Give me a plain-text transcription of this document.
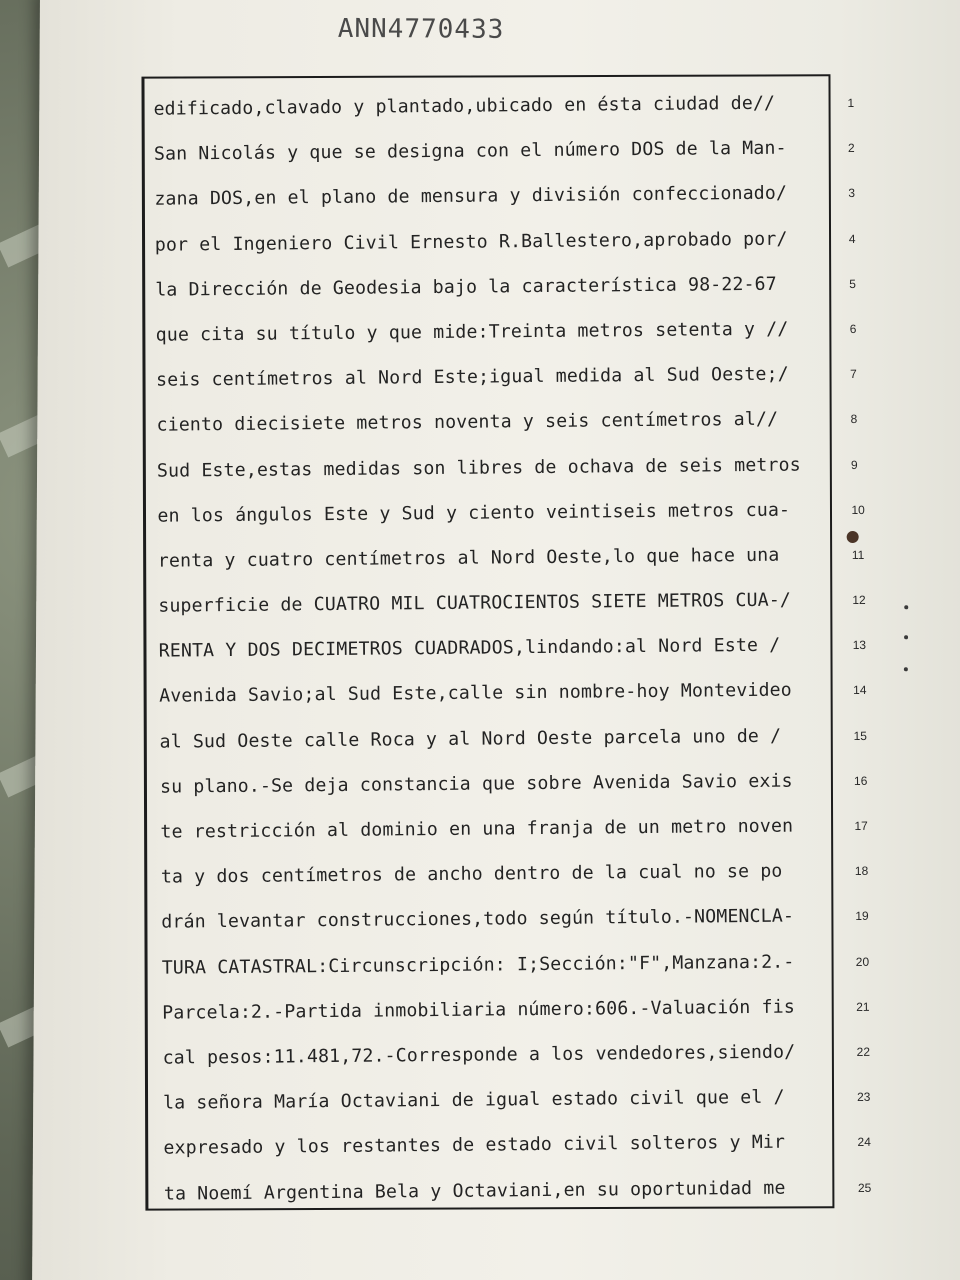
ANN4770433
edificado,clavado y plantado,ubicado en ésta ciudad de//	1
San Nicolás y que se designa con el número DOS de la Man-	2
zana DOS,en el plano de mensura y división confeccionado/	3
por el Ingeniero Civil Ernesto R.Ballestero,aprobado por/	4
la Dirección de Geodesia bajo la característica 98-22-67	5
que cita su título y que mide:Treinta metros setenta y //	6
seis centímetros al Nord Este;igual medida al Sud Oeste;/	7
ciento diecisiete metros noventa y seis centímetros al//	8
Sud Este,estas medidas son libres de ochava de seis metros	9
en los ángulos Este y Sud y ciento veintiseis metros cua-	10
renta y cuatro centímetros al Nord Oeste,lo que hace una	11
superficie de CUATRO MIL CUATROCIENTOS SIETE METROS CUA-/	12
RENTA Y DOS DECIMETROS CUADRADOS,lindando:al Nord Este /	13
Avenida Savio;al Sud Este,calle sin nombre-hoy Montevideo	14
al Sud Oeste calle Roca y al Nord Oeste parcela uno de /	15
su plano.-Se deja constancia que sobre Avenida Savio exis	16
te restricción al dominio en una franja de un metro noven	17
ta y dos centímetros de ancho dentro de la cual no se po	18
drán levantar construcciones,todo según título.-NOMENCLA-	19
TURA CATASTRAL:Circunscripción: I;Sección:"F",Manzana:2.-	20
Parcela:2.-Partida inmobiliaria número:606.-Valuación fis	21
cal pesos:11.481,72.-Corresponde a los vendedores,siendo/	22
la señora María Octaviani de igual estado civil que el /	23
expresado y los restantes de estado civil solteros y Mir	24
ta Noemí Argentina Bela y Octaviani,en su oportunidad me	25
